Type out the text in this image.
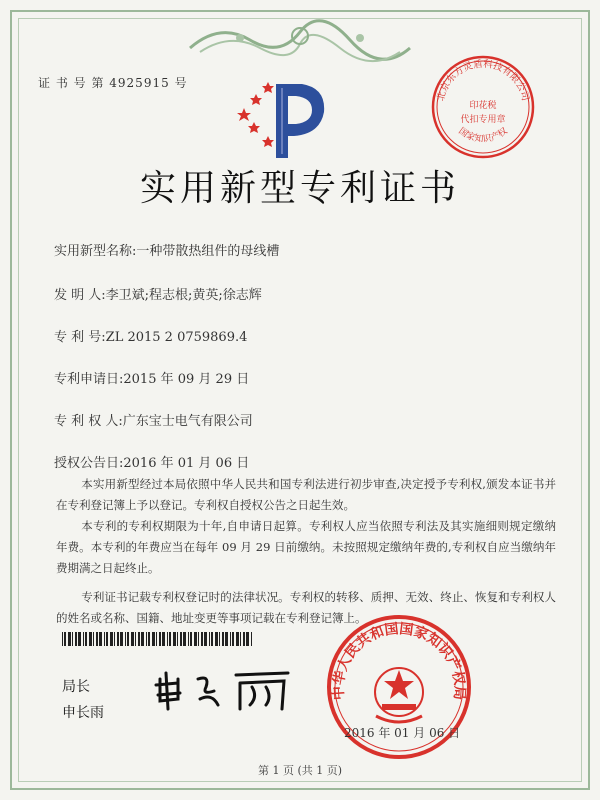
证 书 号 第 4925915 号
北京东方灵盾科技有限公司
印花税
代扣专用章
国家知识产权
实用新型专利证书
实用新型名称:一种带散热组件的母线槽
发 明 人:李卫斌;程志根;黄英;徐志辉
专 利 号:ZL 2015 2 0759869.4
专利申请日:2015 年 09 月 29 日
专 利 权 人:广东宝士电气有限公司
授权公告日:2016 年 01 月 06 日

本实用新型经过本局依照中华人民共和国专利法进行初步审查,决定授予专利权,颁发本证书并在专利登记簿上予以登记。专利权自授权公告之日起生效。

本专利的专利权期限为十年,自申请日起算。专利权人应当依照专利法及其实施细则规定缴纳年费。本专利的年费应当在每年 09 月 29 日前缴纳。未按照规定缴纳年费的,专利权自应当缴纳年费期满之日起终止。

专利证书记载专利权登记时的法律状况。专利权的转移、质押、无效、终止、恢复和专利权人的姓名或名称、国籍、地址变更等事项记载在专利登记簿上。

局长
申长雨
中华人民共和国国家知识产权局
2016 年 01 月 06 日
第 1 页 (共 1 页)
